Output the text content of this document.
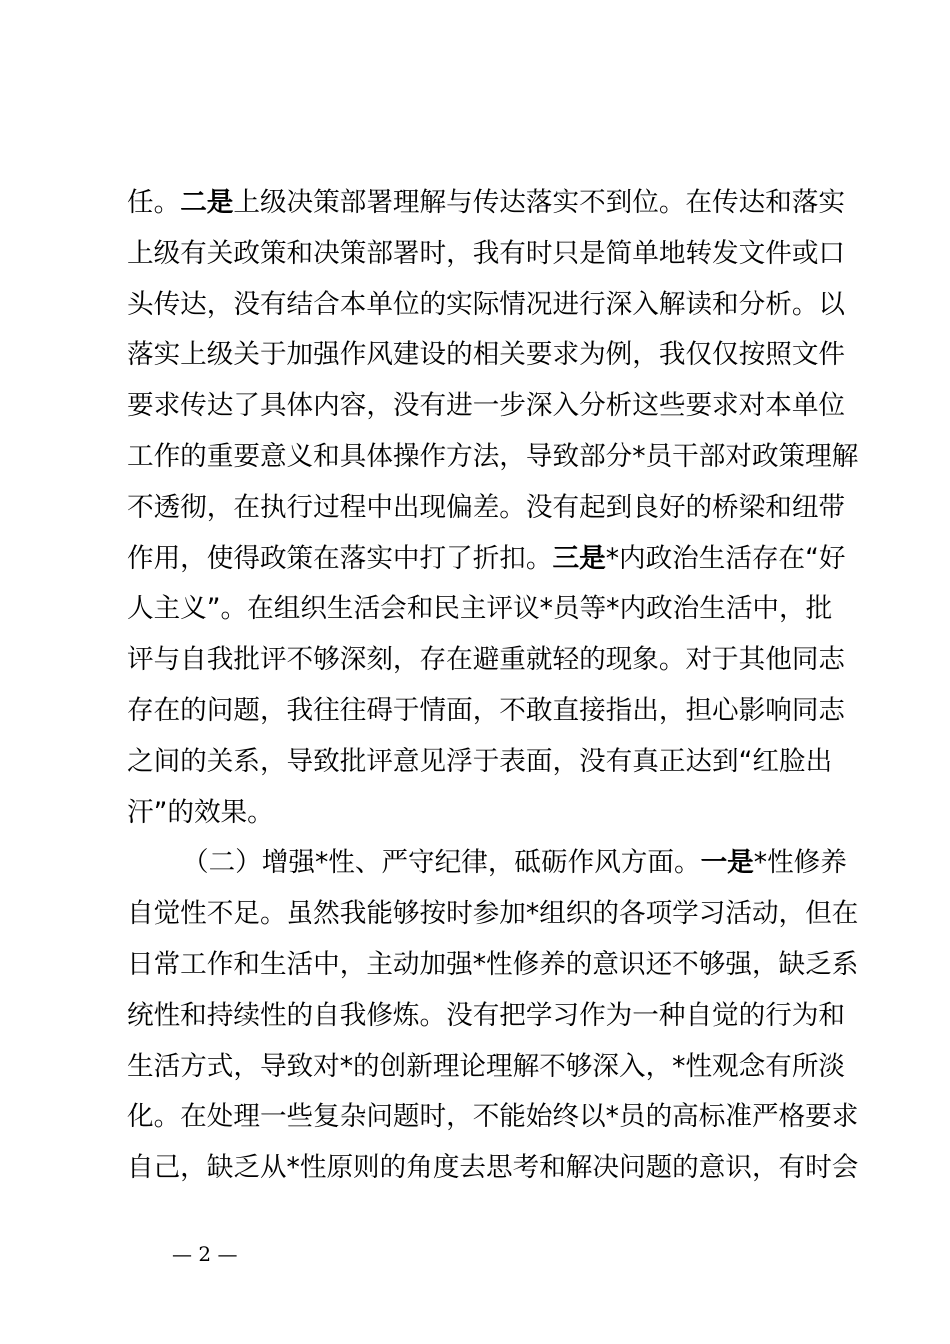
任。二是上级决策部署理解与传达落实不到位。在传达和落实
上级有关政策和决策部署时，我有时只是简单地转发文件或口
头传达，没有结合本单位的实际情况进行深入解读和分析。以
落实上级关于加强作风建设的相关要求为例，我仅仅按照文件
要求传达了具体内容，没有进一步深入分析这些要求对本单位
工作的重要意义和具体操作方法，导致部分*员干部对政策理解
不透彻，在执行过程中出现偏差。没有起到良好的桥梁和纽带
作用，使得政策在落实中打了折扣。三是*内政治生活存在“好
人主义”。在组织生活会和民主评议*员等*内政治生活中，批
评与自我批评不够深刻，存在避重就轻的现象。对于其他同志
存在的问题，我往往碍于情面，不敢直接指出，担心影响同志
之间的关系，导致批评意见浮于表面，没有真正达到“红脸出
汗”的效果。
（二）增强*性、严守纪律，砥砺作风方面。一是*性修养
自觉性不足。虽然我能够按时参加*组织的各项学习活动，但在
日常工作和生活中，主动加强*性修养的意识还不够强，缺乏系
统性和持续性的自我修炼。没有把学习作为一种自觉的行为和
生活方式，导致对*的创新理论理解不够深入，*性观念有所淡
化。在处理一些复杂问题时，不能始终以*员的高标准严格要求
自己，缺乏从*性原则的角度去思考和解决问题的意识，有时会
— 2 —
